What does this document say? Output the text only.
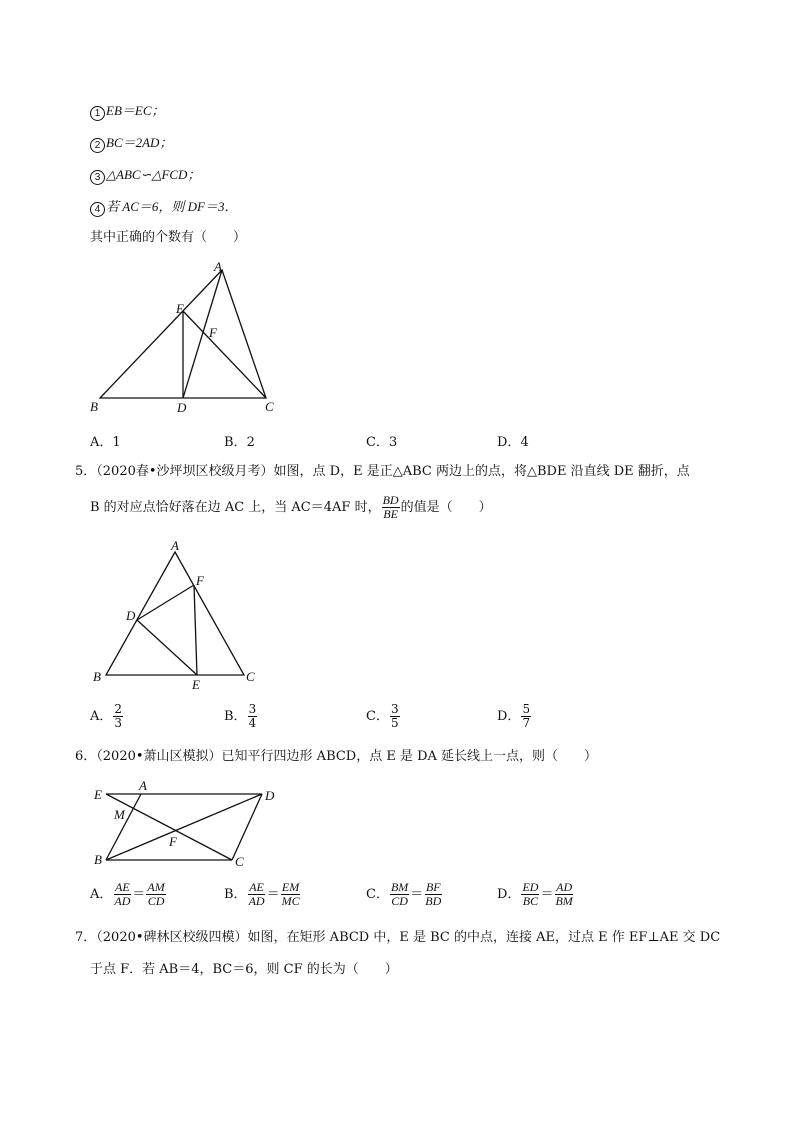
1 EB＝EC；
2 BC＝2AD；
3 △ABC∽△FCD；
4 若 AC＝6，则 DF＝3．
其中正确的个数有（　　）
A
E
F
B	D	C
A
F
D
B
E
C
E
A
D
M
F
B	C
A．1	B．2	C．3	D．4
5．（2020春•沙坪坝区校级月考）如图，点 D，E 是正△ABC 两边上的点，将△BDE 沿直线 DE 翻折，点
B 的对应点恰好落在边 AC 上，当 AC＝4AF 时， $\frac{BD}{BE}$ 的值是（　　）
A． $\frac{2}{3}$	B． $\frac{3}{4}$	C． $\frac{3}{5}$	D． $\frac{5}{7}$
6．（2020•萧山区模拟）已知平行四边形 ABCD，点 E 是 DA 延长线上一点，则（　　）
A． $\frac{AE}{AD} = \frac{AM}{CD}$	B． $\frac{AE}{AD} = \frac{EM}{MC}$	C． $\frac{BM}{CD} = \frac{BF}{BD}$	D． $\frac{ED}{BC} = \frac{AD}{BM}$
7．（2020•碑林区校级四模）如图，在矩形 ABCD 中，E 是 BC 的中点，连接 AE，过点 E 作 EF⊥AE 交 DC
于点 F．若 AB＝4，BC＝6，则 CF 的长为（　　）
